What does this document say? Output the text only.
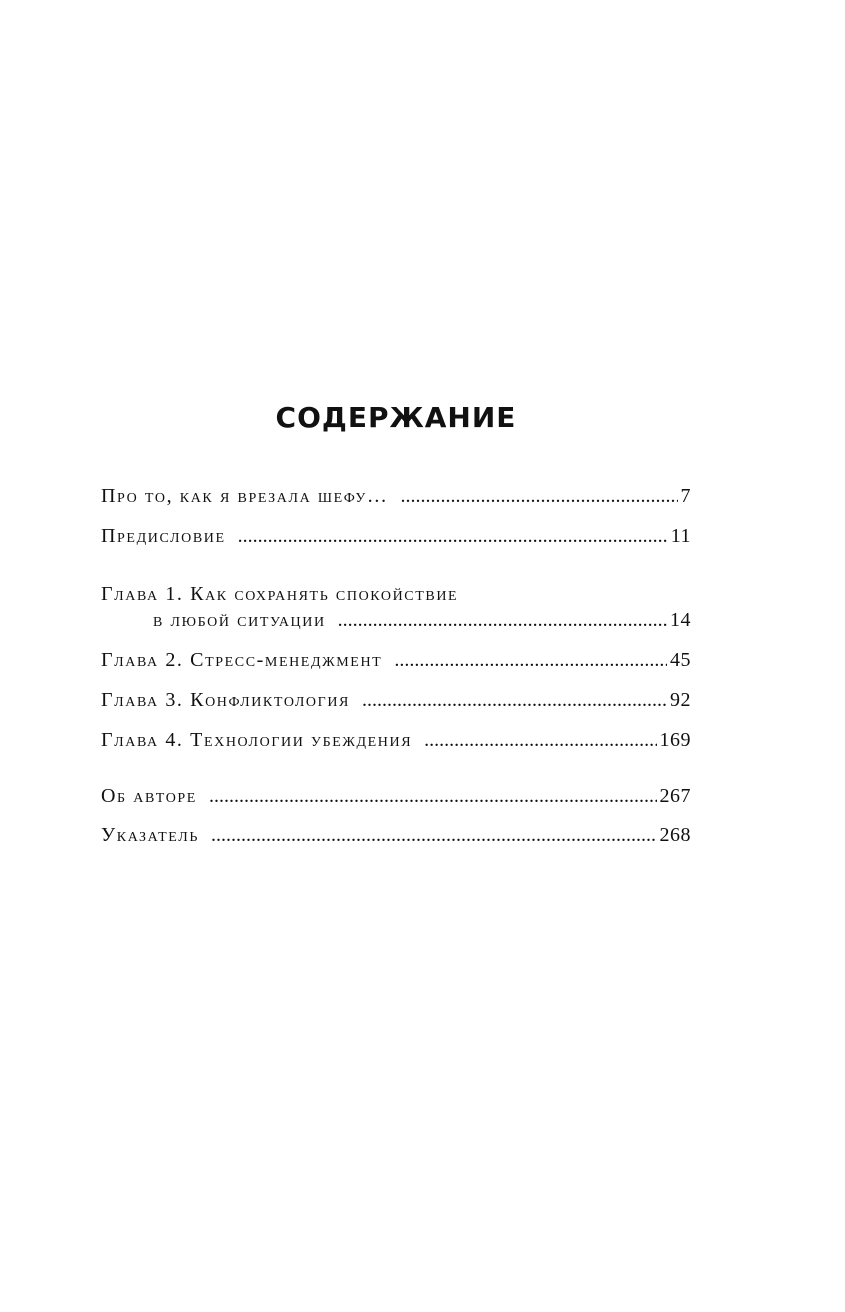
СОДЕРЖАНИЕ
Про то, как я врезала шефу… .....	7
Предисловие .....	11
Глава 1. Как сохранять спокойствие
в любой ситуации .....	14
Глава 2. Стресс-менеджмент .....	45
Глава 3. Конфликтология .....	92
Глава 4. Технологии убеждения .....	169
Об авторе .....	267
Указатель .....	268
